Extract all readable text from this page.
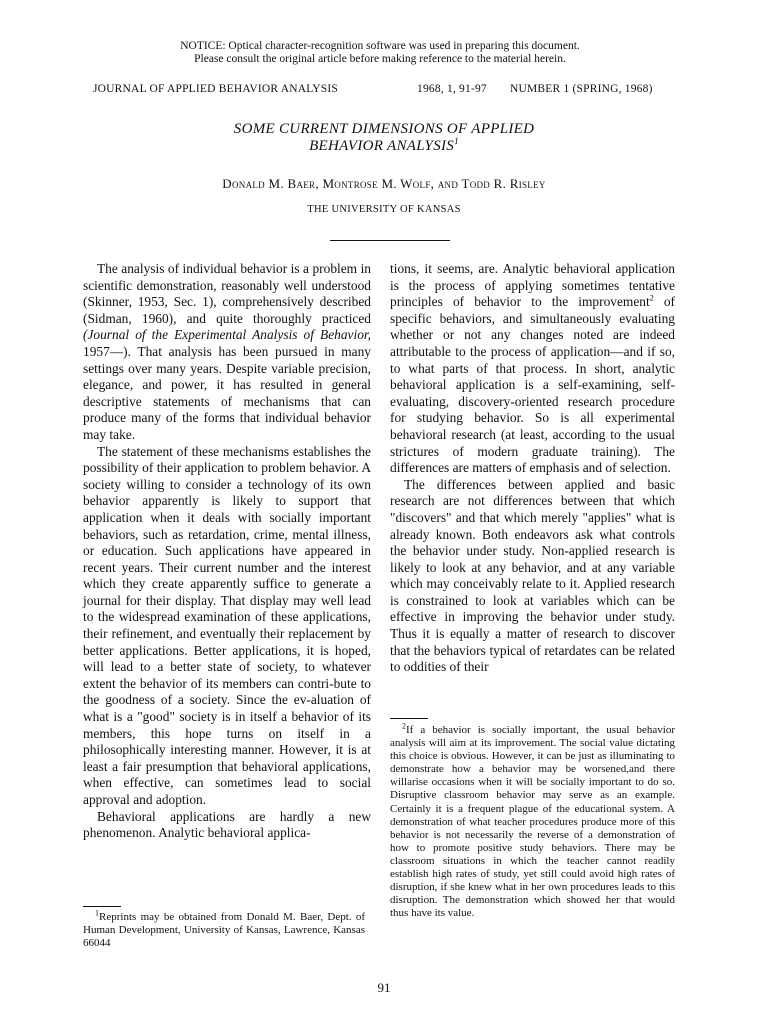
NOTICE: Optical character-recognition software was used in preparing this document.
Please consult the original article before making reference to the material herein.
JOURNAL OF APPLIED BEHAVIOR ANALYSIS	1968, 1, 91-97 NUMBER 1 (SPRING, 1968)
SOME CURRENT DIMENSIONS OF APPLIED
BEHAVIOR ANALYSIS$^1$
Donald M. Baer, Montrose M. Wolf, and Todd R. Risley
THE UNIVERSITY OF KANSAS

The analysis of individual behavior is a problem in scientific demonstration, reasonably well understood (Skinner, 1953, Sec. 1), comprehensively described (Sidman, 1960), and quite thoroughly practiced (Journal of the Experimental Analysis of Behavior, 1957—). That analysis has been pursued in many settings over many years. Despite variable precision, elegance, and power, it has resulted in general descriptive statements of mechanisms that can produce many of the forms that individual behavior may take.

The statement of these mechanisms establishes the possibility of their application to problem behavior. A society willing to consider a technology of its own behavior apparently is likely to support that application when it deals with socially important behaviors, such as retardation, crime, mental illness, or education. Such applications have appeared in recent years. Their current number and the interest which they create apparently suffice to generate a journal for their display. That display may well lead to the widespread examination of these applications, their refinement, and eventually their replacement by better applications. Better applications, it is hoped, will lead to a better state of society, to whatever extent the behavior of its members can contri-bute to the goodness of a society. Since the ev-aluation of what is a "good" society is in itself a behavior of its members, this hope turns on itself in a philosophically interesting manner. However, it is at least a fair presumption that behavioral applications, when effective, can sometimes lead to social approval and adoption.

Behavioral applications are hardly a new phenomenon. Analytic behavioral applica-

$^1$Reprints may be obtained from Donald M. Baer, Dept. of Human Development, University of Kansas, Lawrence, Kansas 66044

tions, it seems, are. Analytic behavioral application is the process of applying sometimes tentative principles of behavior to the improvement$^2$ of specific behaviors, and simultaneously evaluating whether or not any changes noted are indeed attributable to the process of application—and if so, to what parts of that process. In short, analytic behavioral application is a self-examining, self-evaluating, discovery-oriented research procedure for studying behavior. So is all experimental behavioral research (at least, according to the usual strictures of modern graduate training). The differences are matters of emphasis and of selection.

The differences between applied and basic research are not differences between that which "discovers" and that which merely "applies" what is already known. Both endeavors ask what controls the behavior under study. Non-applied research is likely to look at any behavior, and at any variable which may conceivably relate to it. Applied research is constrained to look at variables which can be effective in improving the behavior under study. Thus it is equally a matter of research to discover that the behaviors typical of retardates can be related to oddities of their

$^2$If a behavior is socially important, the usual behavior analysis will aim at its improvement. The social value dictating this choice is obvious. However, it can be just as illuminating to demonstrate how a behavior may be worsened,and there willarise occasions when it will be socially important to do so. Disruptive classroom behavior may serve as an example. Certainly it is a frequent plague of the educational system. A demonstration of what teacher procedures produce more of this behavior is not necessarily the reverse of a demonstration of how to promote positive study behaviors. There may be classroom situations in which the teacher cannot readily establish high rates of study, yet still could avoid high rates of disruption, if she knew what in her own procedures leads to this disruption. The demonstration which showed her that would thus have its value.
91
